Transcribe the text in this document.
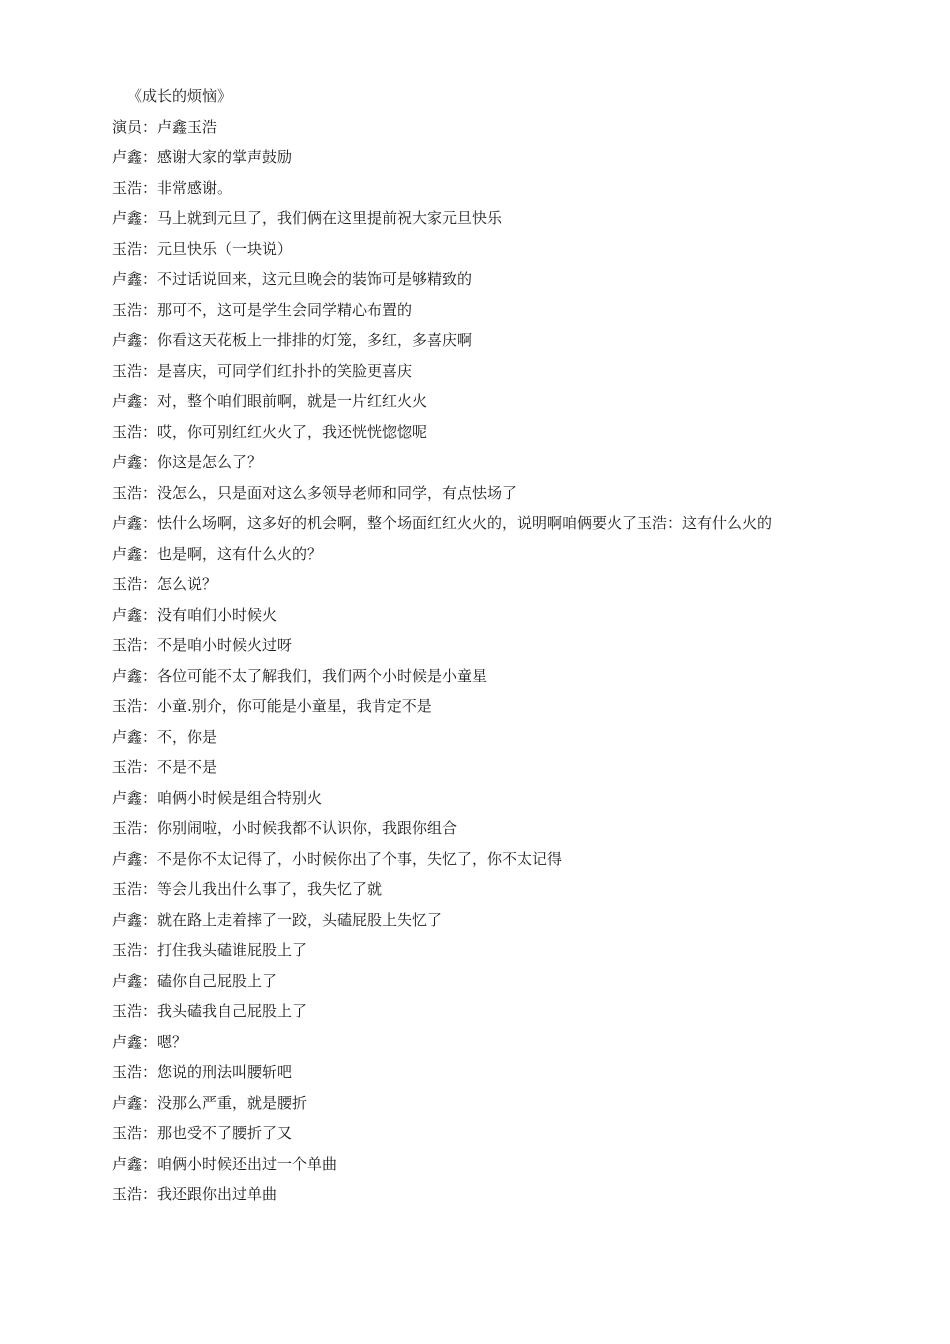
《成长的烦恼》
演员：卢鑫玉浩
卢鑫：感谢大家的掌声鼓励
玉浩：非常感谢。
卢鑫：马上就到元旦了，我们俩在这里提前祝大家元旦快乐
玉浩：元旦快乐（一块说）
卢鑫：不过话说回来，这元旦晚会的装饰可是够精致的
玉浩：那可不，这可是学生会同学精心布置的
卢鑫：你看这天花板上一排排的灯笼，多红，多喜庆啊
玉浩：是喜庆，可同学们红扑扑的笑脸更喜庆
卢鑫：对，整个咱们眼前啊，就是一片红红火火
玉浩：哎，你可别红红火火了，我还恍恍惚惚呢
卢鑫：你这是怎么了？
玉浩：没怎么，只是面对这么多领导老师和同学，有点怯场了
卢鑫：怯什么场啊，这多好的机会啊，整个场面红红火火的，说明啊咱俩要火了玉浩：这有什么火的
卢鑫：也是啊，这有什么火的？
玉浩：怎么说？
卢鑫：没有咱们小时候火
玉浩：不是咱小时候火过呀
卢鑫：各位可能不太了解我们，我们两个小时候是小童星
玉浩：小童.别介，你可能是小童星，我肯定不是
卢鑫：不，你是
玉浩：不是不是
卢鑫：咱俩小时候是组合特别火
玉浩：你别闹啦，小时候我都不认识你，我跟你组合
卢鑫：不是你不太记得了，小时候你出了个事，失忆了，你不太记得
玉浩：等会儿我出什么事了，我失忆了就
卢鑫：就在路上走着摔了一跤，头磕屁股上失忆了
玉浩：打住我头磕谁屁股上了
卢鑫：磕你自己屁股上了
玉浩：我头磕我自己屁股上了
卢鑫：嗯？
玉浩：您说的刑法叫腰斩吧
卢鑫：没那么严重，就是腰折
玉浩：那也受不了腰折了又
卢鑫：咱俩小时候还出过一个单曲
玉浩：我还跟你出过单曲
